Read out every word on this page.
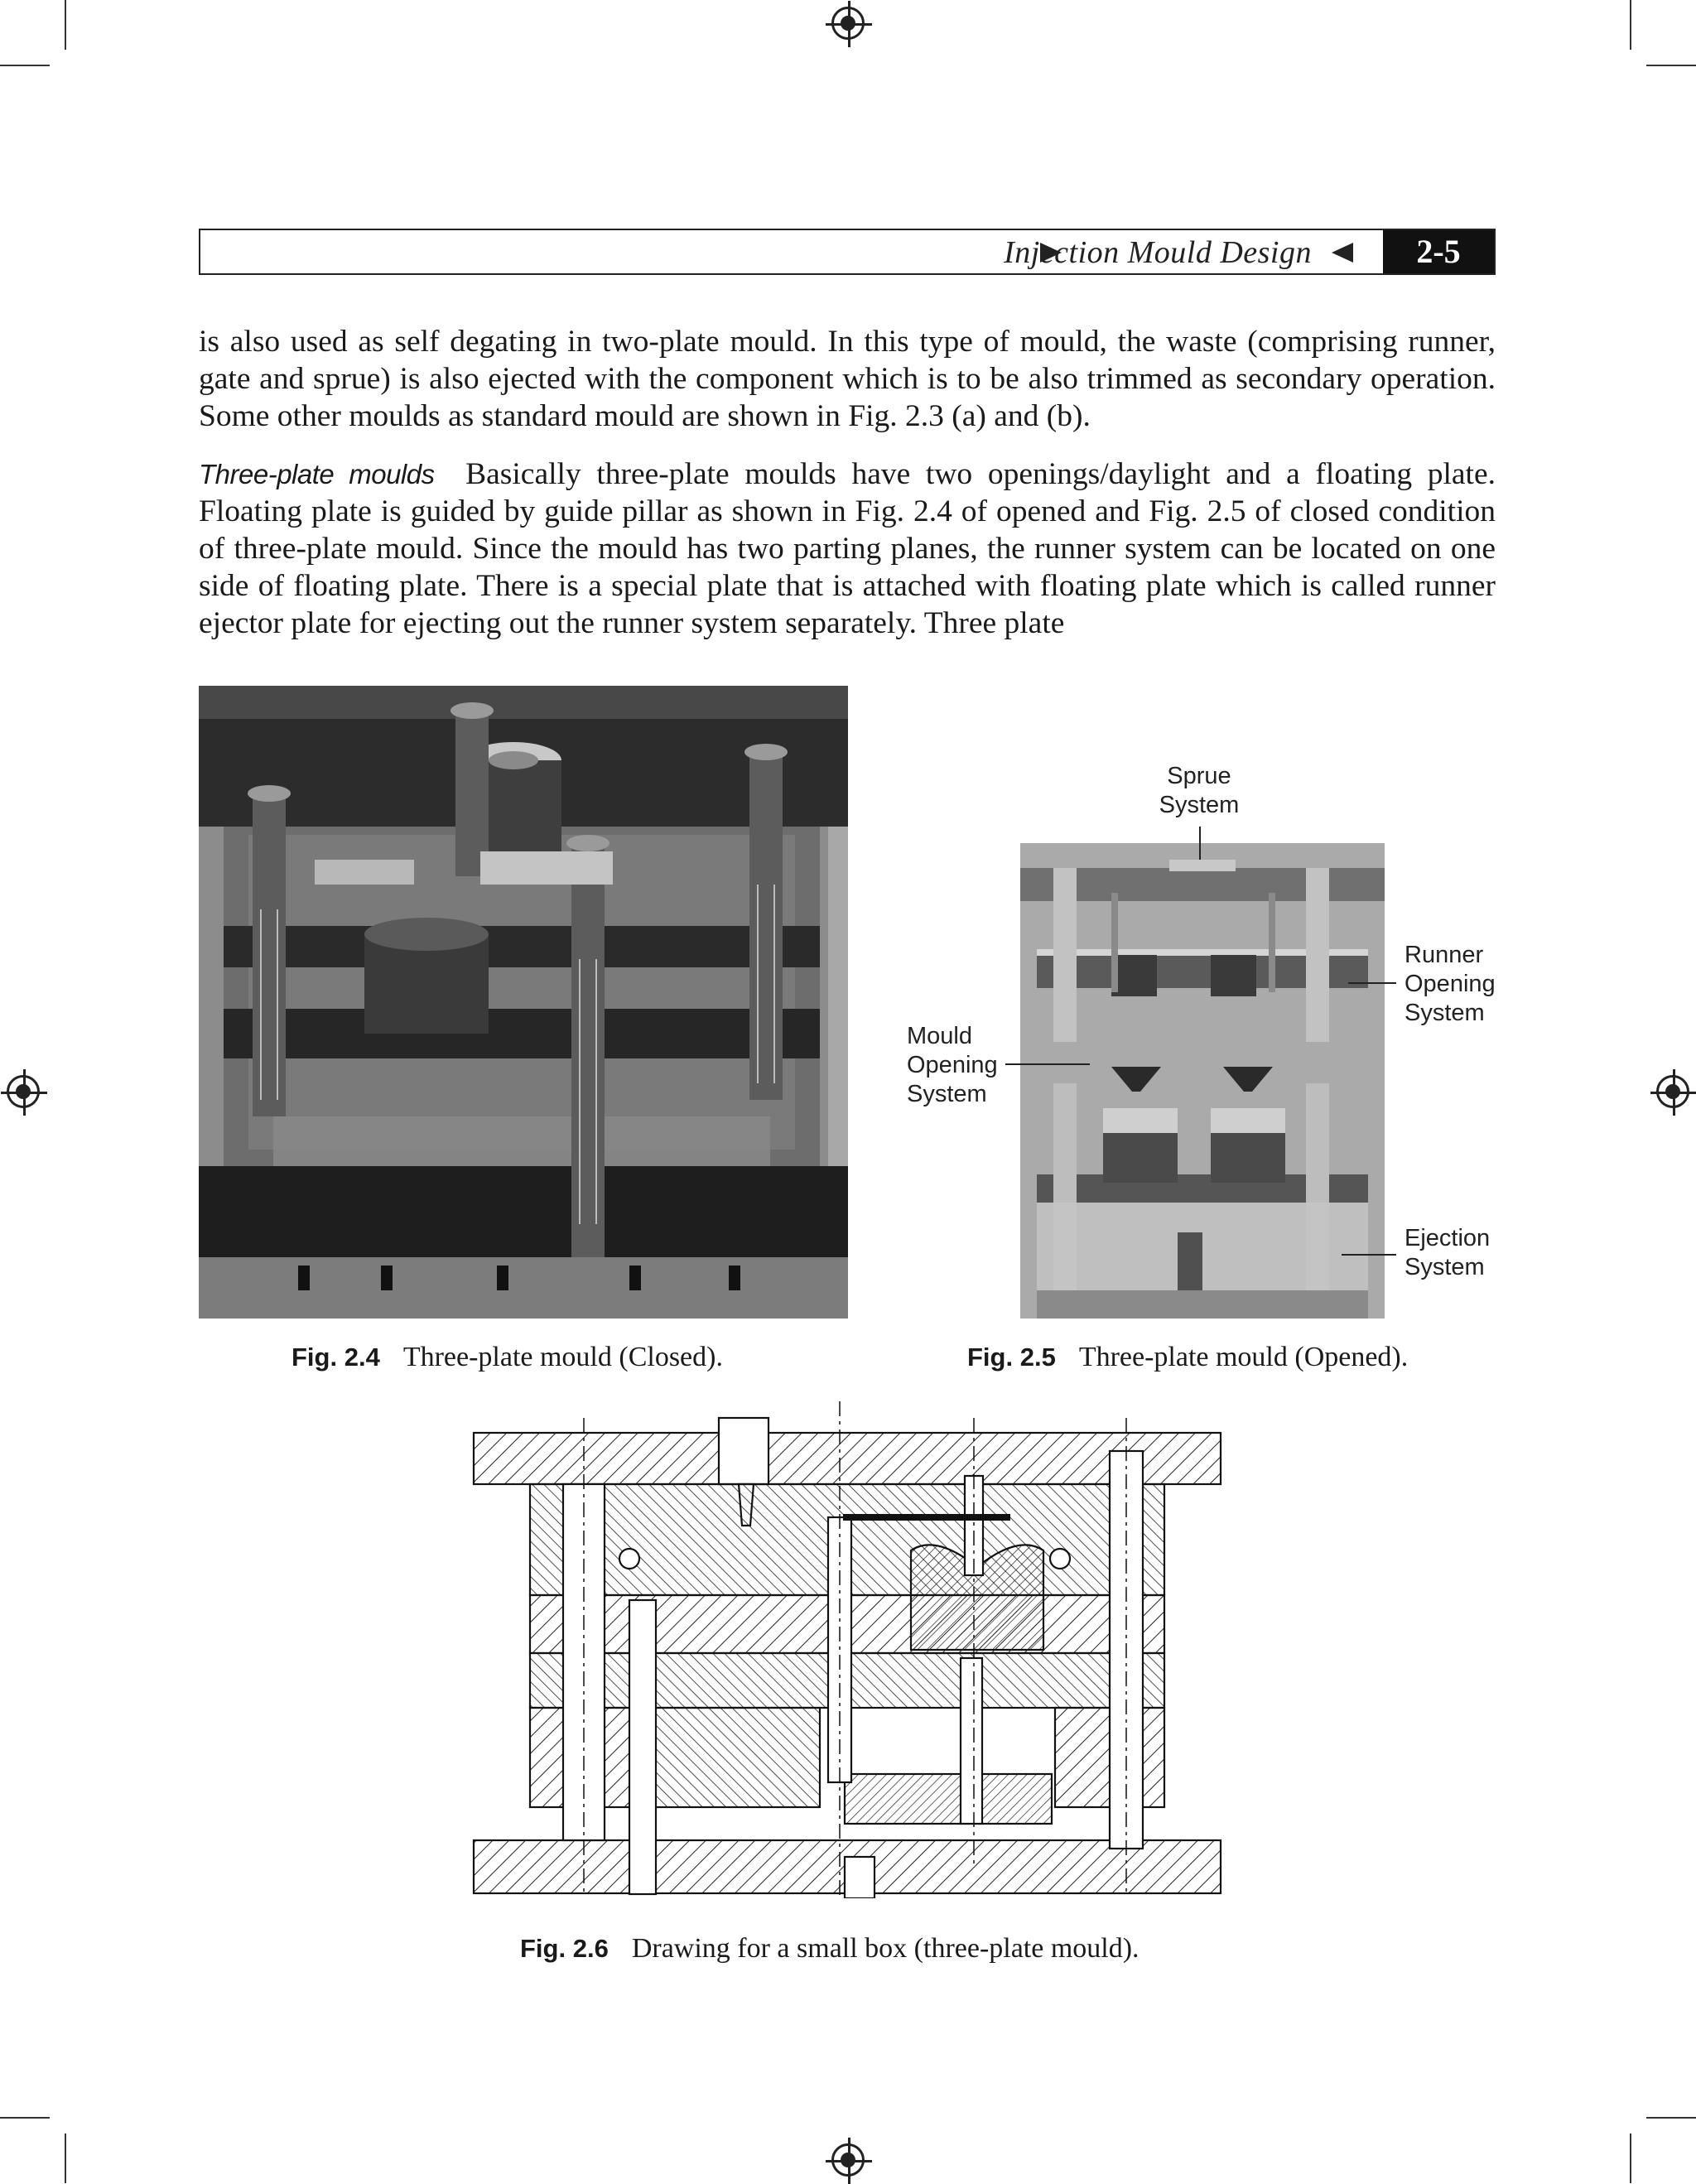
Injection Mould Design	2-5

is also used as self degating in two-plate mould. In this type of mould, the waste (comprising runner, gate and sprue) is also ejected with the component which is to be also trimmed as secondary operation. Some other moulds as standard mould are shown in Fig. 2.3 (a) and (b).

Three-plate moulds  Basically three-plate moulds have two openings/daylight and a floating plate. Floating plate is guided by guide pillar as shown in Fig. 2.4 of opened and Fig. 2.5 of closed condition of three-plate mould. Since the mould has two parting planes, the runner system can be located on one side of floating plate. There is a special plate that is attached with floating plate which is called runner ejector plate for ejecting out the runner system separately. Three plate

Fig. 2.4 Three-plate mould (Closed).
Sprue
System
Runner
Opening
System
Mould
Opening
System
Ejection
System
Fig. 2.5 Three-plate mould (Opened).
Fig. 2.6 Drawing for a small box (three-plate mould).
